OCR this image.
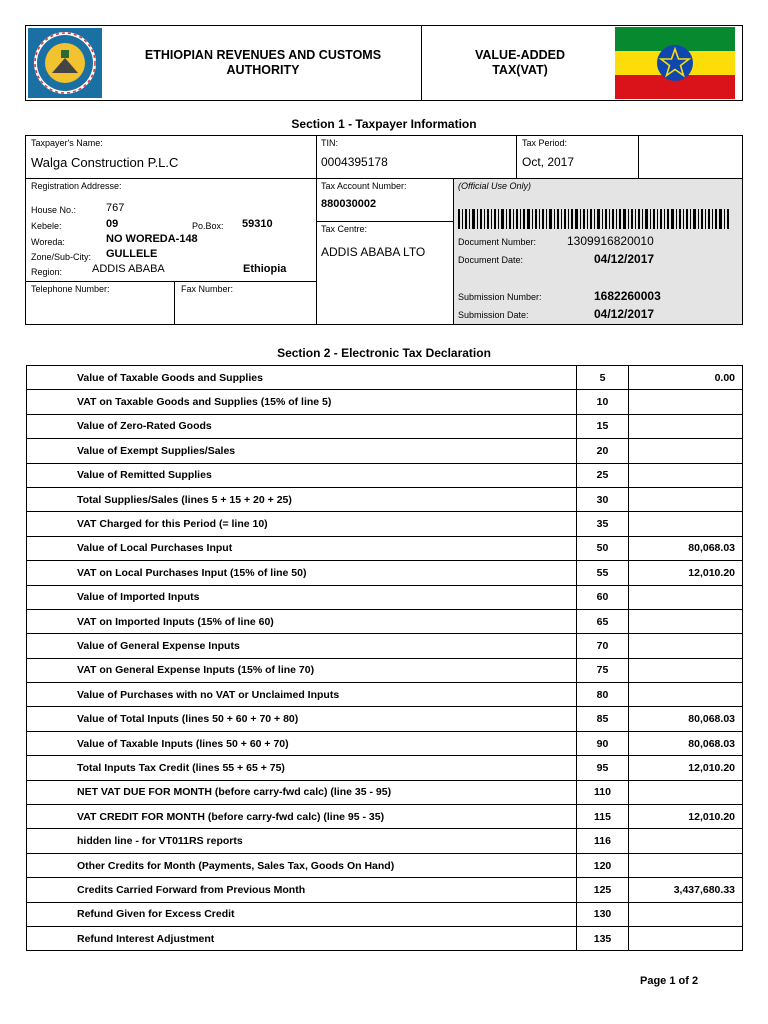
ETHIOPIAN REVENUES AND CUSTOMS
AUTHORITY
VALUE-ADDED
TAX(VAT)
Section 1 - Taxpayer Information
Taxpayer's Name:
Walga Construction P.L.C
TIN:
0004395178
Tax Period:
Oct, 2017
Registration Addresse:
House No.:	767
Kebele:	09	Po.Box: 59310
Woreda:	NO WOREDA-148
Zone/Sub-City: GULLELE
Region:	ADDIS ABABA	Ethiopia
Telephone Number:	Fax Number:
Tax Account Number:
880030002
Tax Centre:
ADDIS ABABA LTO
(Official Use Only)
Document Number:	1309916820010
Document Date:	04/12/2017
Submission Number:	1682260003
Submission Date:	04/12/2017
Section 2 - Electronic Tax Declaration
Value of Taxable Goods and Supplies	5	0.00
VAT on Taxable Goods and Supplies (15% of line 5)	10	
Value of Zero-Rated Goods	15	
Value of Exempt Supplies/Sales	20	
Value of Remitted Supplies	25	
Total Supplies/Sales (lines 5 + 15 + 20 + 25)	30	
VAT Charged for this Period (= line 10)	35	
Value of Local Purchases Input	50	80,068.03
VAT on Local Purchases Input (15% of line 50)	55	12,010.20
Value of Imported Inputs	60	
VAT on Imported Inputs (15% of line 60)	65	
Value of General Expense Inputs	70	
VAT on General Expense Inputs (15% of line 70)	75	
Value of Purchases with no VAT or Unclaimed Inputs	80	
Value of Total Inputs (lines 50 + 60 + 70 + 80)	85	80,068.03
Value of Taxable Inputs (lines 50 + 60 + 70)	90	80,068.03
Total Inputs Tax Credit (lines 55 + 65 + 75)	95	12,010.20
NET VAT DUE FOR MONTH (before carry-fwd calc) (line 35 - 95)	110	
VAT CREDIT FOR MONTH (before carry-fwd calc) (line 95 - 35)	115	12,010.20
hidden line - for VT011RS reports	116	
Other Credits for Month (Payments, Sales Tax, Goods On Hand)	120	
Credits Carried Forward from Previous Month	125	3,437,680.33
Refund Given for Excess Credit	130	
Refund Interest Adjustment	135	
Page 1 of 2
